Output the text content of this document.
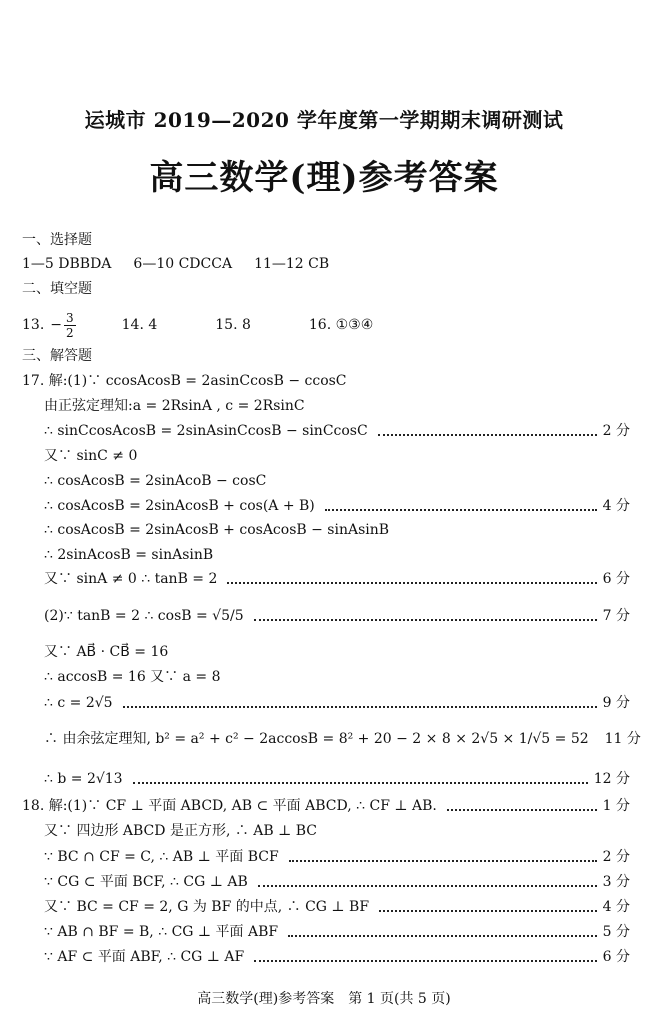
运城市 2019—2020 学年度第一学期期末调研测试
高三数学(理)参考答案
一、选择题
1—5 DBBDA 6—10 CDCCA 11—12 CB
二、填空题
13. − $\frac{3}{2}$	14. 4	15. 8	16. ①③④
三、解答题
17. 解:(1)∵ ccosAcosB = 2asinCcosB − ccosC
由正弦定理知:a = 2RsinA , c = 2RsinC
∴ sinCcosAcosB = 2sinAsinCcosB − sinCcosC	2 分
又∵ sinC ≠ 0
∴ cosAcosB = 2sinAcoB − cosC
∴ cosAcosB = 2sinAcosB + cos(A + B)	4 分
∴ cosAcosB = 2sinAcosB + cosAcosB − sinAsinB
∴ 2sinAcosB = sinAsinB
又∵ sinA ≠ 0 ∴ tanB = 2	6 分
(2)∵ tanB = 2 ∴ cosB = √5/5	7 分
又∵ AB⃗ · CB⃗ = 16
∴ accosB = 16 又∵ a = 8
∴ c = 2√5	9 分
∴ 由余弦定理知, b² = a² + c² − 2accosB = 8² + 20 − 2 × 8 × 2√5 × 1/√5 = 52 11 分
∴ b = 2√13	12 分
18. 解:(1)∵ CF ⊥ 平面 ABCD, AB ⊂ 平面 ABCD, ∴ CF ⊥ AB.	1 分
又∵ 四边形 ABCD 是正方形, ∴ AB ⊥ BC
∵ BC ∩ CF = C, ∴ AB ⊥ 平面 BCF	2 分
∵ CG ⊂ 平面 BCF, ∴ CG ⊥ AB	3 分
又∵ BC = CF = 2, G 为 BF 的中点, ∴ CG ⊥ BF	4 分
∵ AB ∩ BF = B, ∴ CG ⊥ 平面 ABF	5 分
∵ AF ⊂ 平面 ABF, ∴ CG ⊥ AF	6 分
高三数学(理)参考答案　第 1 页(共 5 页)
